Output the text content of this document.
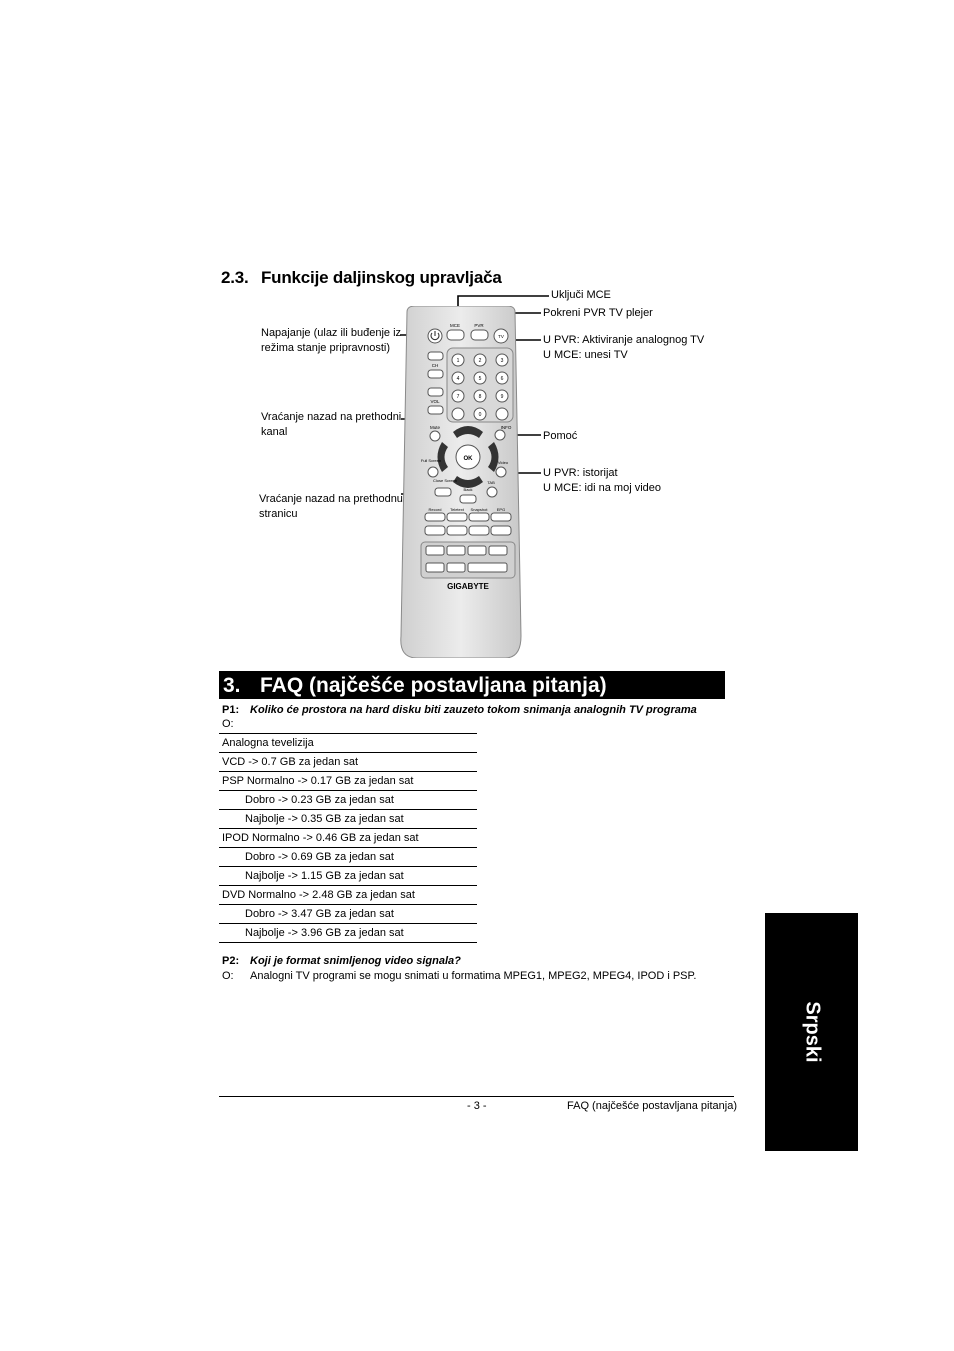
2.3. Funkcije daljinskog upravljača
Napajanje (ulaz ili buđenje iz
režima stanje pripravnosti)
Vraćanje nazad na prethodni
kanal
Vraćanje nazad na prethodnu
stranicu
Uključi MCE
Pokreni PVR TV plejer
U PVR: Aktiviranje analognog TV
U MCE: unesi TV
Pomoć
U PVR: istorijat
U MCE: idi na moj video
MCE	PVR
TV
1	2	3
4	5	6
7	8	9
0
CH
VOL
Mute	INFO
OK
Full Screen	Video
Close Screen	TAB
Back
Record Teletext Snapshot EPG
GIGABYTE
3. FAQ (najčešće postavljana pitanja)
P1: Koliko će prostora na hard disku biti zauzeto tokom snimanja analognih TV programa
O:
Analogna tevelizija
VCD -> 0.7 GB za jedan sat
PSP Normalno -> 0.17 GB za jedan sat
Dobro -> 0.23 GB za jedan sat
Najbolje -> 0.35 GB za jedan sat
IPOD Normalno -> 0.46 GB za jedan sat
Dobro -> 0.69 GB za jedan sat
Najbolje -> 1.15 GB za jedan sat
DVD Normalno -> 2.48 GB za jedan sat
Dobro -> 3.47 GB za jedan sat
Najbolje -> 3.96 GB za jedan sat
P2: Koji je format snimljenog video signala?
O: Analogni TV programi se mogu snimati u formatima MPEG1, MPEG2, MPEG4, IPOD i PSP.
- 3 -	FAQ (najčešće postavljana pitanja)
Srpski
